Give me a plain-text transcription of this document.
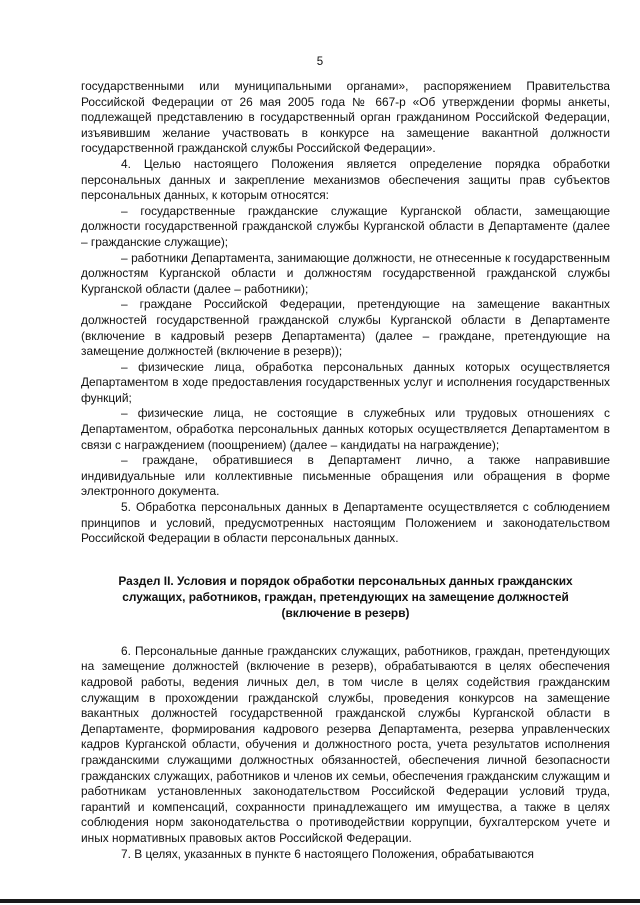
5

государственными или муниципальными органами», распоряжением Правительства Российской Федерации от 26 мая 2005 года № 667-р «Об утверждении формы анкеты, подлежащей представлению в государственный орган гражданином Российской Федерации, изъявившим желание участвовать в конкурсе на замещение вакантной должности государственной гражданской службы Российской Федерации».

4. Целью настоящего Положения является определение порядка обработки персональных данных и закрепление механизмов обеспечения защиты прав субъектов персональных данных, к которым относятся:

– государственные гражданские служащие Курганской области, замещающие должности государственной гражданской службы Курганской области в Департаменте (далее – гражданские служащие);

– работники Департамента, занимающие должности, не отнесенные к государственным должностям Курганской области и должностям государственной гражданской службы Курганской области (далее – работники);

– граждане Российской Федерации, претендующие на замещение вакантных должностей государственной гражданской службы Курганской области в Департаменте (включение в кадровый резерв Департамента) (далее – граждане, претендующие на замещение должностей (включение в резерв));

– физические лица, обработка персональных данных которых осуществляется Департаментом в ходе предоставления государственных услуг и исполнения государственных функций;

– физические лица, не состоящие в служебных или трудовых отношениях с Департаментом, обработка персональных данных которых осуществляется Департаментом в связи с награждением (поощрением) (далее – кандидаты на награждение);

– граждане, обратившиеся в Департамент лично, а также направившие индивидуальные или коллективные письменные обращения или обращения в форме электронного документа.

5. Обработка персональных данных в Департаменте осуществляется с соблюдением принципов и условий, предусмотренных настоящим Положением и законодательством Российской Федерации в области персональных данных.

Раздел II. Условия и порядок обработки персональных данных гражданских служащих, работников, граждан, претендующих на замещение должностей (включение в резерв)

6. Персональные данные гражданских служащих, работников, граждан, претендующих на замещение должностей (включение в резерв), обрабатываются в целях обеспечения кадровой работы, ведения личных дел, в том числе в целях содействия гражданским служащим в прохождении гражданской службы, проведения конкурсов на замещение вакантных должностей государственной гражданской службы Курганской области в Департаменте, формирования кадрового резерва Департамента, резерва управленческих кадров Курганской области, обучения и должностного роста, учета результатов исполнения гражданскими служащими должностных обязанностей, обеспечения личной безопасности гражданских служащих, работников и членов их семьи, обеспечения гражданским служащим и работникам установленных законодательством Российской Федерации условий труда, гарантий и компенсаций, сохранности принадлежащего им имущества, а также в целях соблюдения норм законодательства о противодействии коррупции, бухгалтерском учете и иных нормативных правовых актов Российской Федерации.

7. В целях, указанных в пункте 6 настоящего Положения, обрабатываются
